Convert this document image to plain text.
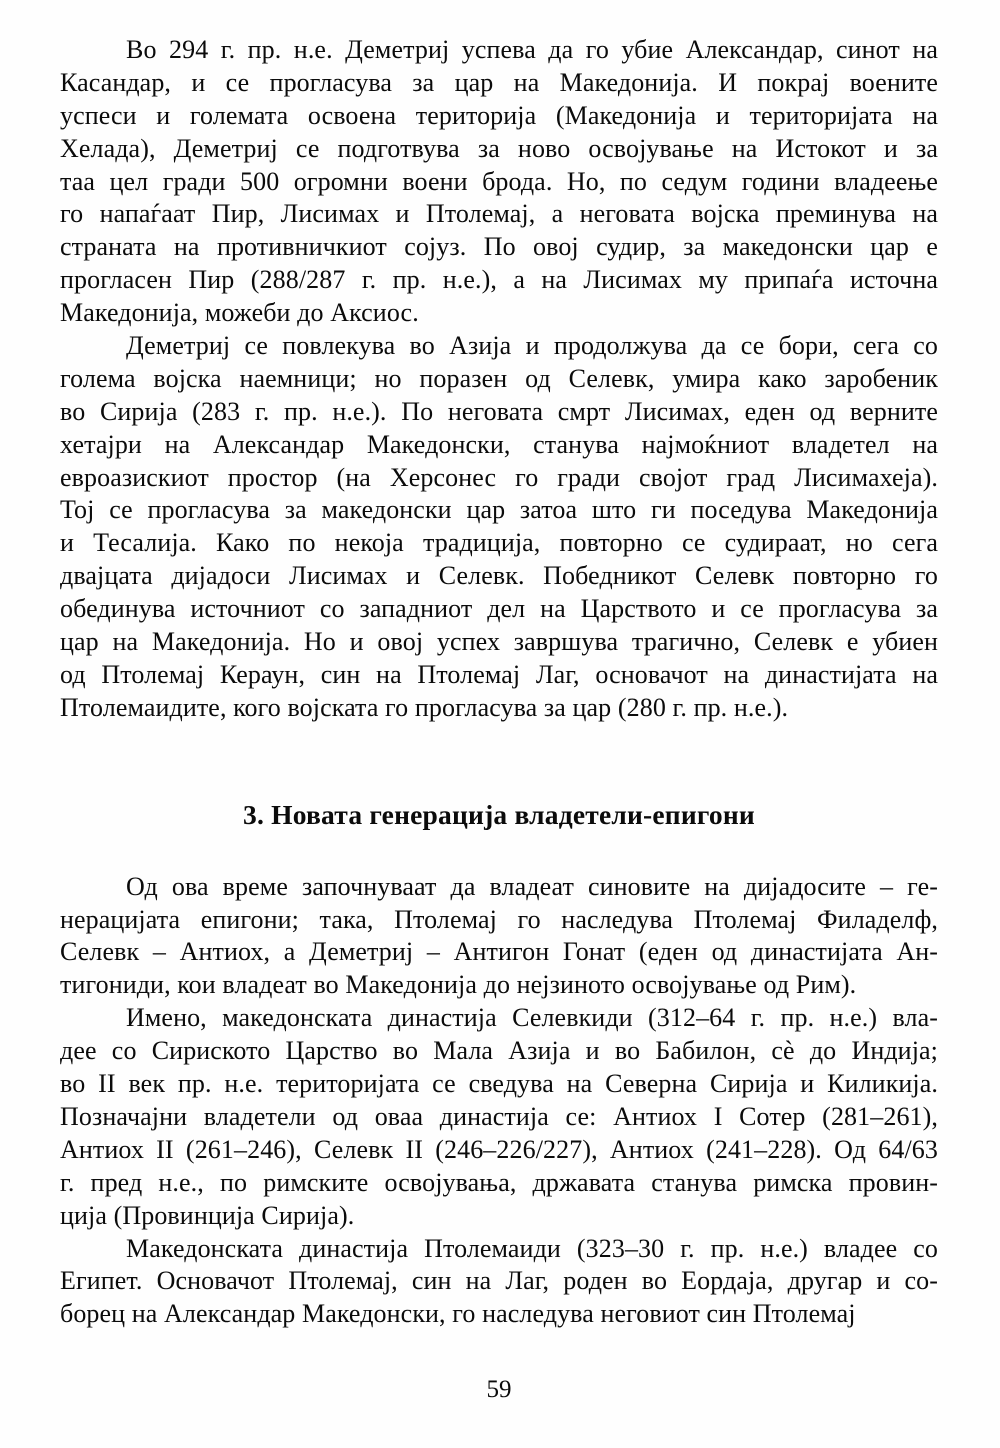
Во 294 г. пр. н.е. Деметриј успева да го убие Александар, синот на
Касандар, и се прогласува за цар на Македонија. И покрај воените
успеси и големата освоена територија (Македонија и територијата на
Хелада), Деметриј се подготвува за ново освојување на Истокот и за
таа цел гради 500 огромни воени брода. Но, по седум години владеење
го напаѓаат Пир, Лисимах и Птолемај, а неговата војска преминува на
страната на противничкиот сојуз. По овој судир, за македонски цар е
прогласен Пир (288/287 г. пр. н.е.), а на Лисимах му припаѓа источна
Македонија, можеби до Аксиос.
Деметриј се повлекува во Азија и продолжува да се бори, сега со
голема војска наемници; но поразен од Селевк, умира како заробеник
во Сирија (283 г. пр. н.е.). По неговата смрт Лисимах, еден од верните
хетајри на Александар Македонски, станува најмоќниот владетел на
евроазискиот простор (на Херсонес го гради својот град Лисимахеја).
Тој се прогласува за македонски цар затоа што ги поседува Македонија
и Тесалија. Како по некоја традиција, повторно се судираат, но сега
двајцата дијадоси Лисимах и Селевк. Победникот Селевк повторно го
обединува источниот со западниот дел на Царството и се прогласува за
цар на Македонија. Но и овој успех завршува трагично, Селевк е убиен
од Птолемај Кераун, син на Птолемај Лаг, основачот на династијата на
Птолемаидите, кого војската го прогласува за цар (280 г. пр. н.е.).
3. Новата генерација владетели-епигони
Од ова време започнуваат да владеат синовите на дијадосите – ге-
нерацијата епигони; така, Птолемај го наследува Птолемај Филаделф,
Селевк – Антиох, а Деметриј – Антигон Гонат (еден од династијата Ан-
тигониди, кои владеат во Македонија до нејзиното освојување од Рим).
Имено, македонската династија Селевкиди (312–64 г. пр. н.е.) вла-
дее со Сириското Царство во Мала Азија и во Бабилон, сѐ до Индија;
во II век пр. н.е. територијата се сведува на Северна Сирија и Киликија.
Позначајни владетели од оваа династија се: Антиох I Сотер (281–261),
Антиох II (261–246), Селевк II (246–226/227), Антиох (241–228). Од 64/63
г. пред н.е., по римските освојувања, државата станува римска провин-
ција (Провинција Сирија).
Македонската династија Птолемаиди (323–30 г. пр. н.е.) владее со
Египет. Основачот Птолемај, син на Лаг, роден во Еордаја, другар и со-
борец на Александар Македонски, го наследува неговиот син Птолемај
59
